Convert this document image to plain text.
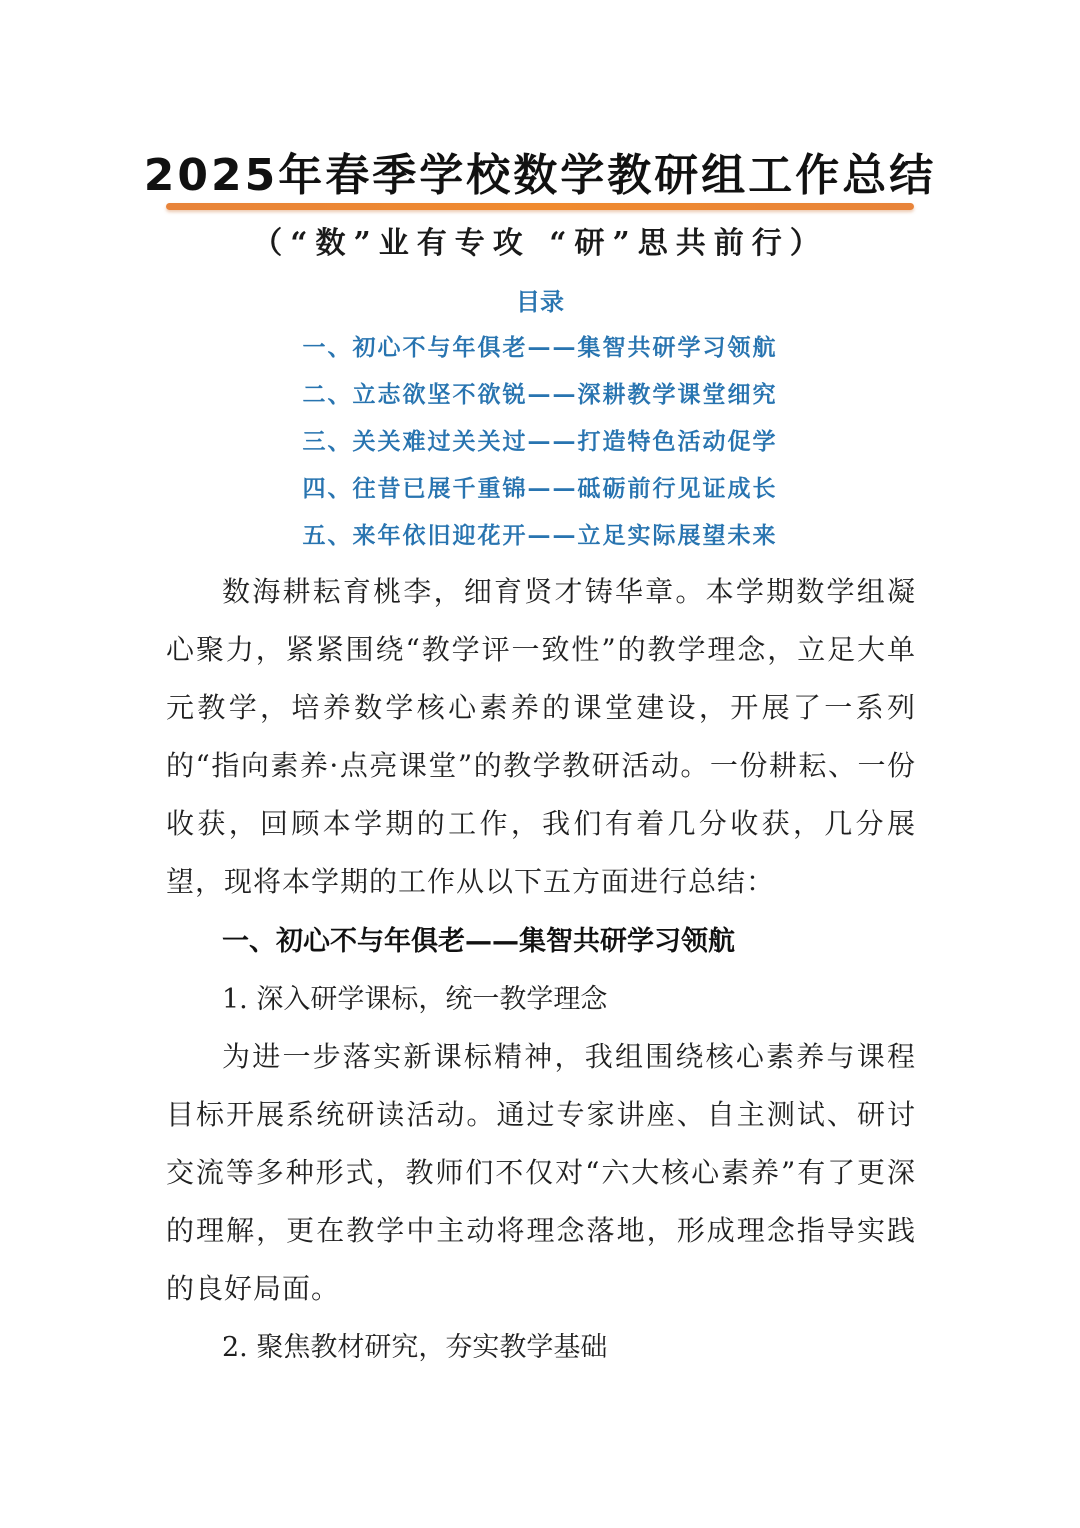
2025年春季学校数学教研组工作总结
（“数”业有专攻 “研”思共前行）
目录
一、初心不与年俱老——集智共研学习领航
二、立志欲坚不欲锐——深耕教学课堂细究
三、关关难过关关过——打造特色活动促学
四、往昔已展千重锦——砥砺前行见证成长
五、来年依旧迎花开——立足实际展望未来

数海耕耘育桃李，细育贤才铸华章。本学期数学组凝心聚力，紧紧围绕“教学评一致性”的教学理念，立足大单元教学，培养数学核心素养的课堂建设，开展了一系列的“指向素养·点亮课堂”的教学教研活动。一份耕耘、一份收获，回顾本学期的工作，我们有着几分收获，几分展望，现将本学期的工作从以下五方面进行总结：

一、初心不与年俱老——集智共研学习领航
1. 深入研学课标，统一教学理念

为进一步落实新课标精神，我组围绕核心素养与课程目标开展系统研读活动。通过专家讲座、自主测试、研讨交流等多种形式，教师们不仅对“六大核心素养”有了更深的理解，更在教学中主动将理念落地，形成理念指导实践的良好局面。

2. 聚焦教材研究，夯实教学基础
